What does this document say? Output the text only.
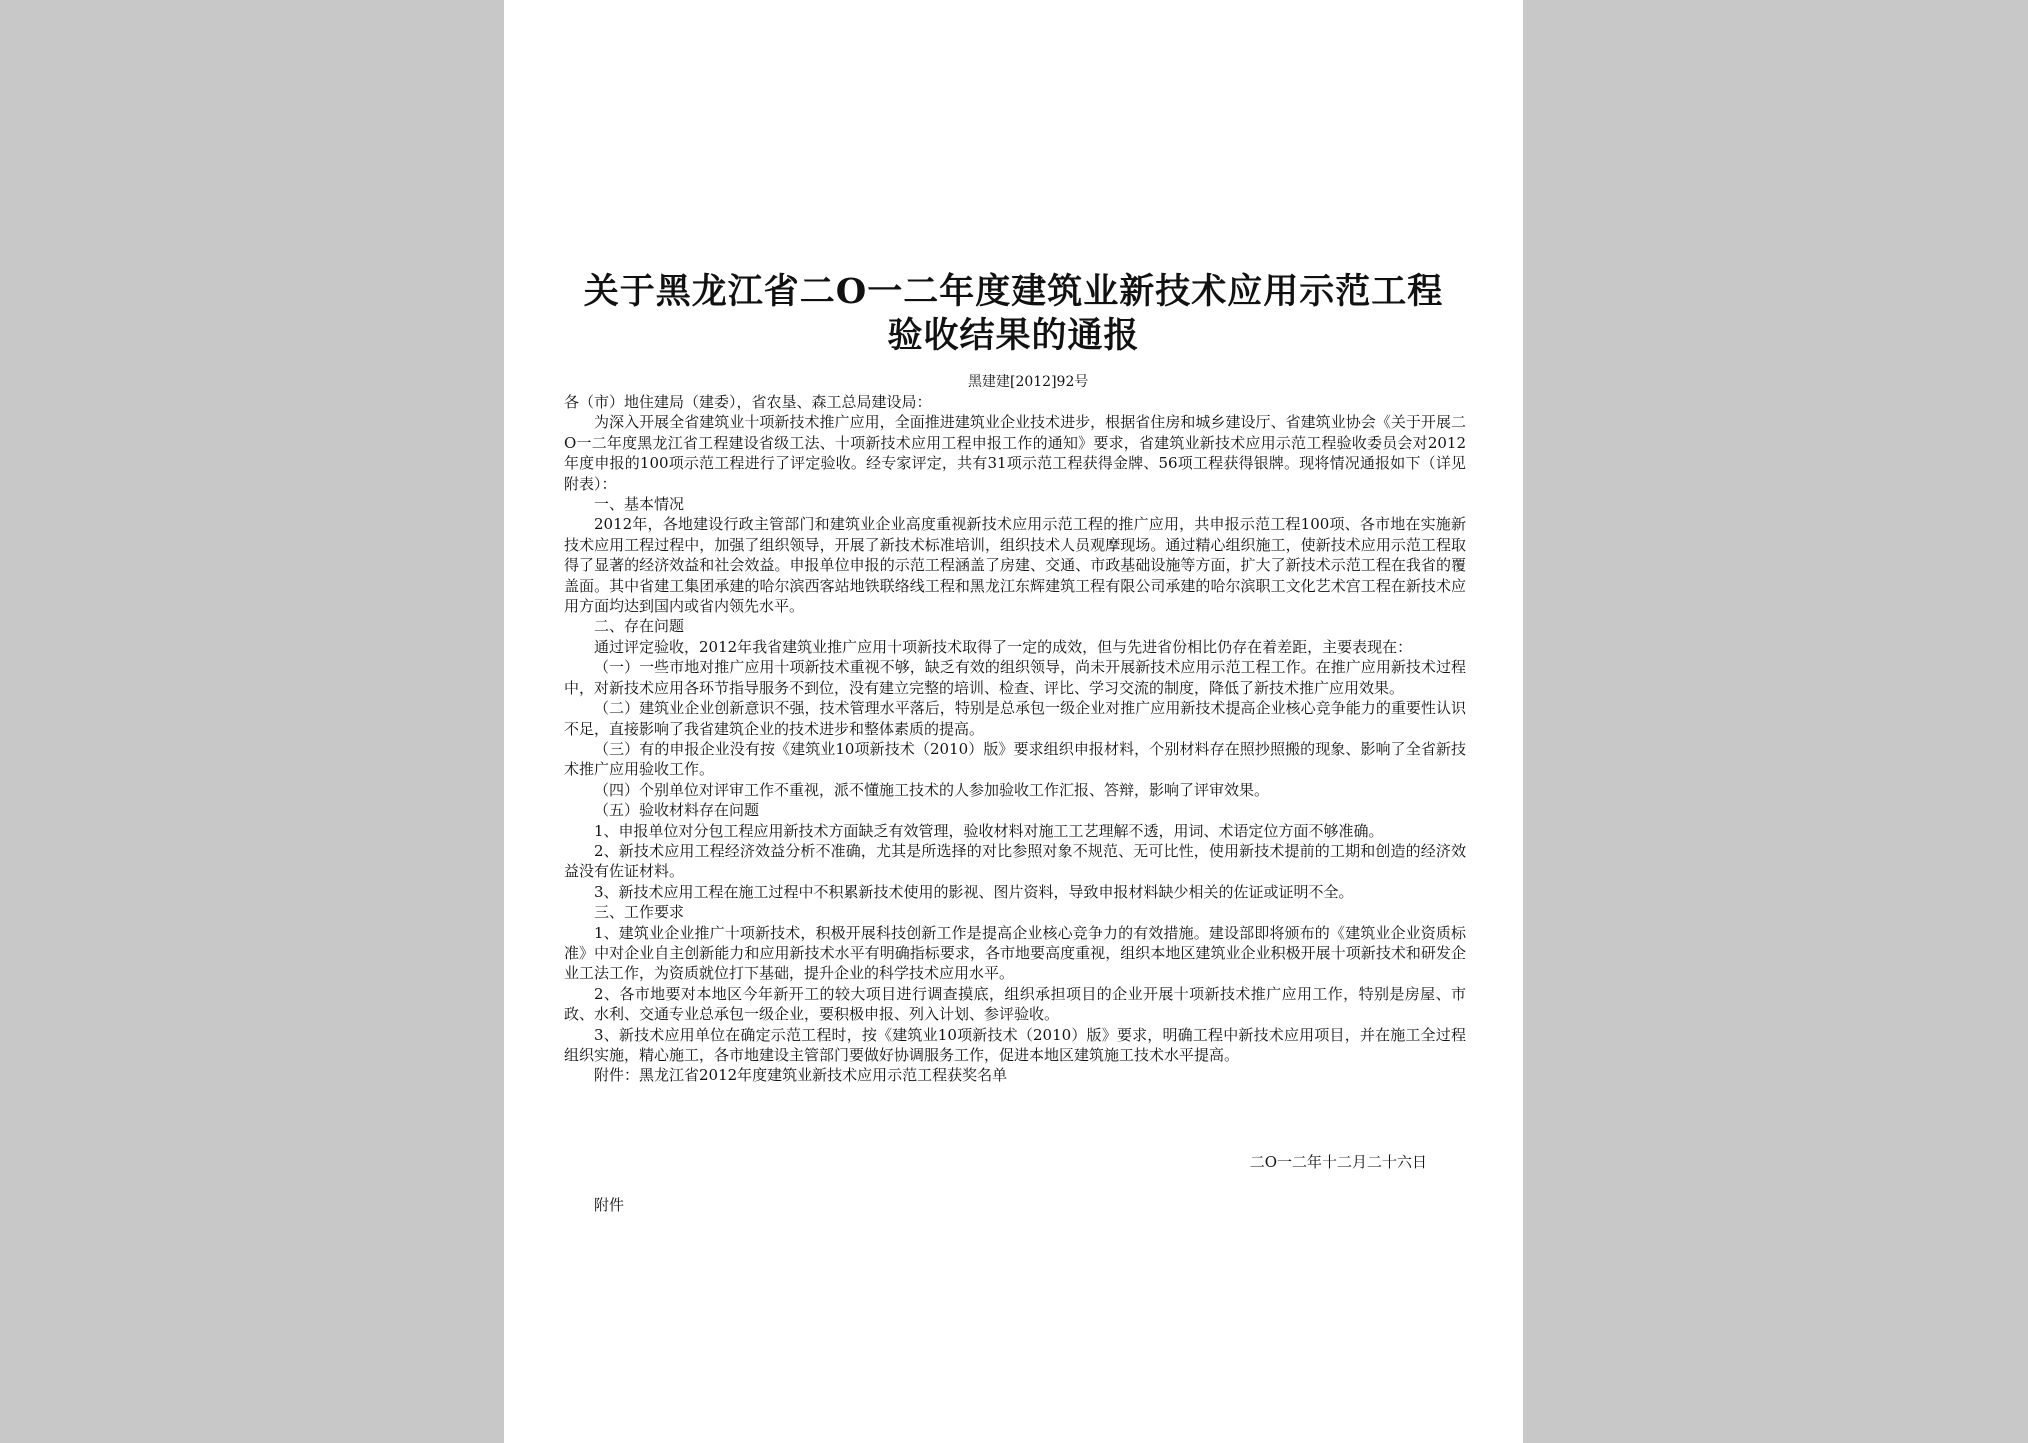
关于黑龙江省二O一二年度建筑业新技术应用示范工程
验收结果的通报
黑建建[2012]92号

各（市）地住建局（建委），省农垦、森工总局建设局：

为深入开展全省建筑业十项新技术推广应用，全面推进建筑业企业技术进步，根据省住房和城乡建设厅、省建筑业协会《关于开展二O一二年度黑龙江省工程建设省级工法、十项新技术应用工程申报工作的通知》要求，省建筑业新技术应用示范工程验收委员会对2012年度申报的100项示范工程进行了评定验收。经专家评定，共有31项示范工程获得金牌、56项工程获得银牌。现将情况通报如下（详见附表）：

一、基本情况

2012年，各地建设行政主管部门和建筑业企业高度重视新技术应用示范工程的推广应用，共申报示范工程100项、各市地在实施新技术应用工程过程中，加强了组织领导，开展了新技术标准培训，组织技术人员观摩现场。通过精心组织施工，使新技术应用示范工程取得了显著的经济效益和社会效益。申报单位申报的示范工程涵盖了房建、交通、市政基础设施等方面，扩大了新技术示范工程在我省的覆盖面。其中省建工集团承建的哈尔滨西客站地铁联络线工程和黑龙江东辉建筑工程有限公司承建的哈尔滨职工文化艺术宫工程在新技术应用方面均达到国内或省内领先水平。

二、存在问题

通过评定验收，2012年我省建筑业推广应用十项新技术取得了一定的成效，但与先进省份相比仍存在着差距，主要表现在：

（一）一些市地对推广应用十项新技术重视不够，缺乏有效的组织领导，尚未开展新技术应用示范工程工作。在推广应用新技术过程中，对新技术应用各环节指导服务不到位，没有建立完整的培训、检查、评比、学习交流的制度，降低了新技术推广应用效果。

（二）建筑业企业创新意识不强，技术管理水平落后，特别是总承包一级企业对推广应用新技术提高企业核心竞争能力的重要性认识不足，直接影响了我省建筑企业的技术进步和整体素质的提高。

（三）有的申报企业没有按《建筑业10项新技术（2010）版》要求组织申报材料，个别材料存在照抄照搬的现象、影响了全省新技术推广应用验收工作。

（四）个别单位对评审工作不重视，派不懂施工技术的人参加验收工作汇报、答辩，影响了评审效果。

（五）验收材料存在问题

1、申报单位对分包工程应用新技术方面缺乏有效管理，验收材料对施工工艺理解不透，用词、术语定位方面不够准确。

2、新技术应用工程经济效益分析不准确，尤其是所选择的对比参照对象不规范、无可比性，使用新技术提前的工期和创造的经济效益没有佐证材料。

3、新技术应用工程在施工过程中不积累新技术使用的影视、图片资料，导致申报材料缺少相关的佐证或证明不全。

三、工作要求

1、建筑业企业推广十项新技术，积极开展科技创新工作是提高企业核心竞争力的有效措施。建设部即将颁布的《建筑业企业资质标准》中对企业自主创新能力和应用新技术水平有明确指标要求，各市地要高度重视，组织本地区建筑业企业积极开展十项新技术和研发企业工法工作，为资质就位打下基础，提升企业的科学技术应用水平。

2、各市地要对本地区今年新开工的较大项目进行调查摸底，组织承担项目的企业开展十项新技术推广应用工作，特别是房屋、市政、水利、交通专业总承包一级企业，要积极申报、列入计划、参评验收。

3、新技术应用单位在确定示范工程时，按《建筑业10项新技术（2010）版》要求，明确工程中新技术应用项目，并在施工全过程组织实施，精心施工，各市地建设主管部门要做好协调服务工作，促进本地区建筑施工技术水平提高。

附件：黑龙江省2012年度建筑业新技术应用示范工程获奖名单

二O一二年十二月二十六日
附件
